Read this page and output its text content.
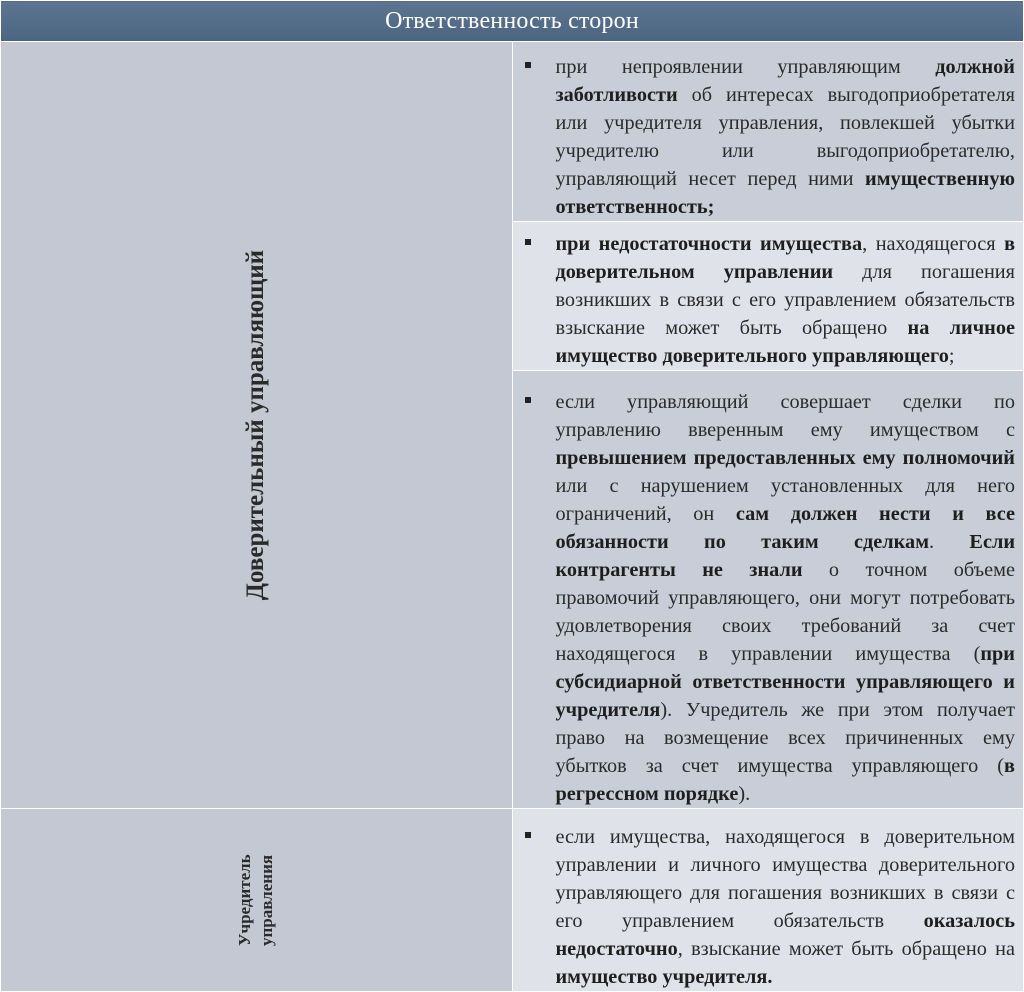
Ответственность сторон	

Доверительный управляющий	при непроявлении управляющим должной заботливости об интересах выгодоприобретателя или учредителя управления, повлекшей убытки учредителю или выгодоприобретателю, управляющий несет перед ними имущественную ответственность;

при недостаточности имущества, находящегося в доверительном управлении для погашения возникших в связи с его управлением обязательств взыскание может быть обращено на личное имущество доверительного управляющего;

если управляющий совершает сделки по управлению вверенным ему имуществом с превышением предоставленных ему полномочий или с нарушением установленных для него ограничений, он сам должен нести и все обязанности по таким сделкам. Если контрагенты не знали о точном объеме правомочий управляющего, они могут потребовать удовлетворения своих требований за счет находящегося в управлении имущества (при субсидиарной ответственности управляющего и учредителя). Учредитель же при этом получает право на возмещение всех причиненных ему убытков за счет имущества управляющего (в регрессном порядке).

Учредитель управления	если имущества, находящегося в доверительном управлении и личного имущества доверительного управляющего для погашения возникших в связи с его управлением обязательств оказалось недостаточно, взыскание может быть обращено на имущество учредителя.
